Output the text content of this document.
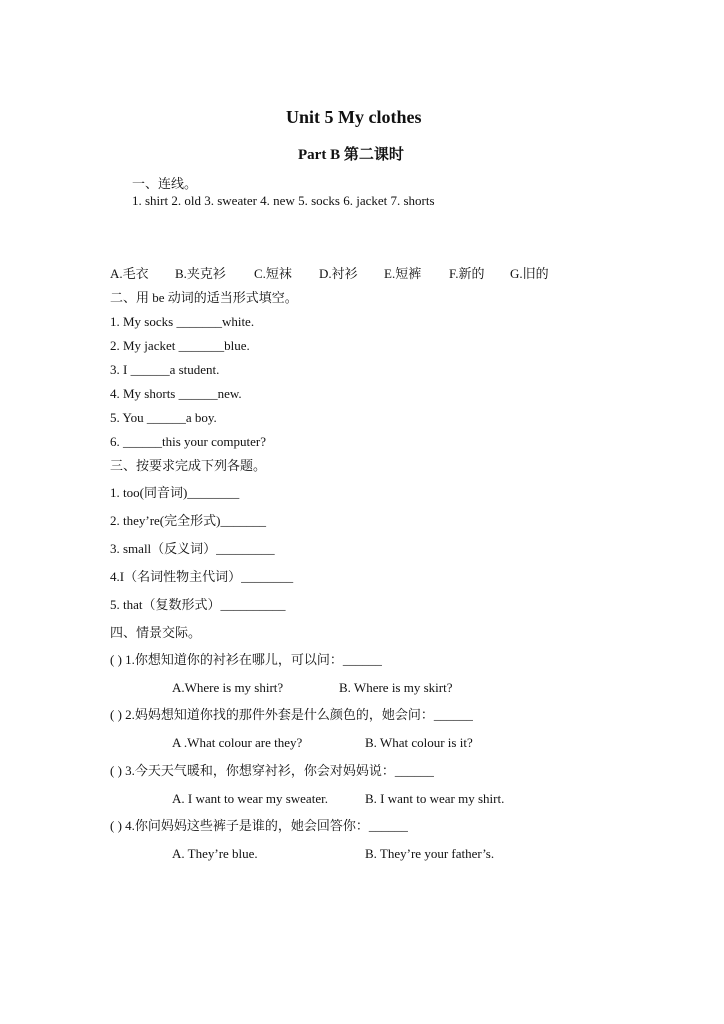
Unit 5 My clothes
Part B 第二课时
一、连线。
1. shirt 2. old 3. sweater 4. new 5. socks 6. jacket 7. shorts
A.毛衣 B.夹克衫 C.短袜 D.衬衫 E.短裤 F.新的 G.旧的
二、用 be 动词的适当形式填空。
1. My socks _______white.
2. My jacket _______blue.
3. I ______a student.
4. My shorts ______new.
5. You ______a boy.
6. ______this your computer?
三、按要求完成下列各题。
1. too(同音词)________
2. they’re(完全形式)_______
3. small（反义词）_________
4.I（名词性物主代词）________
5. that（复数形式）__________
四、情景交际。
( ) 1.你想知道你的衬衫在哪儿，可以问：______
A.Where is my shirt?	B. Where is my skirt?
( ) 2.妈妈想知道你找的那件外套是什么颜色的，她会问：______
A .What colour are they?	B. What colour is it?
( ) 3.今天天气暖和，你想穿衬衫，你会对妈妈说：______
A. I want to wear my sweater.	B. I want to wear my shirt.
( ) 4.你问妈妈这些裤子是谁的，她会回答你：______
A. They’re blue.	B. They’re your father’s.
